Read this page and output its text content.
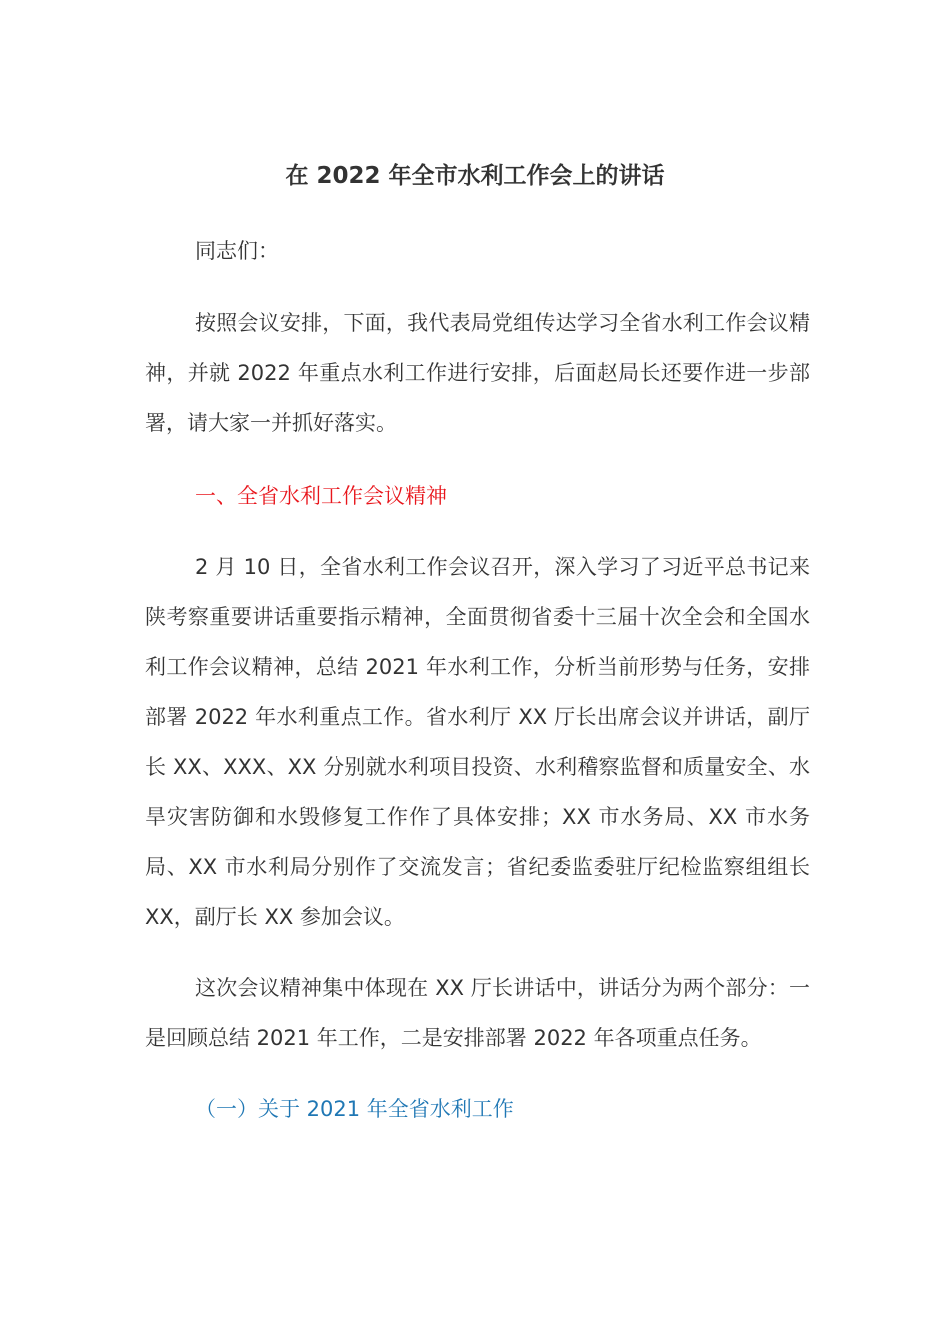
在 2022 年全市水利工作会上的讲话
同志们：

按照会议安排，下面，我代表局党组传达学习全省水利工作会议精神，并就 2022 年重点水利工作进行安排，后面赵局长还要作进一步部署，请大家一并抓好落实。

一、全省水利工作会议精神

2 月 10 日，全省水利工作会议召开，深入学习了习近平总书记来陕考察重要讲话重要指示精神，全面贯彻省委十三届十次全会和全国水利工作会议精神，总结 2021 年水利工作，分析当前形势与任务，安排部署 2022 年水利重点工作。省水利厅 XX 厅长出席会议并讲话，副厅长 XX、XXX、XX 分别就水利项目投资、水利稽察监督和质量安全、水旱灾害防御和水毁修复工作作了具体安排；XX 市水务局、XX 市水务局、XX 市水利局分别作了交流发言；省纪委监委驻厅纪检监察组组长 XX，副厅长 XX 参加会议。

这次会议精神集中体现在 XX 厅长讲话中，讲话分为两个部分：一是回顾总结 2021 年工作，二是安排部署 2022 年各项重点任务。

（一）关于 2021 年全省水利工作
